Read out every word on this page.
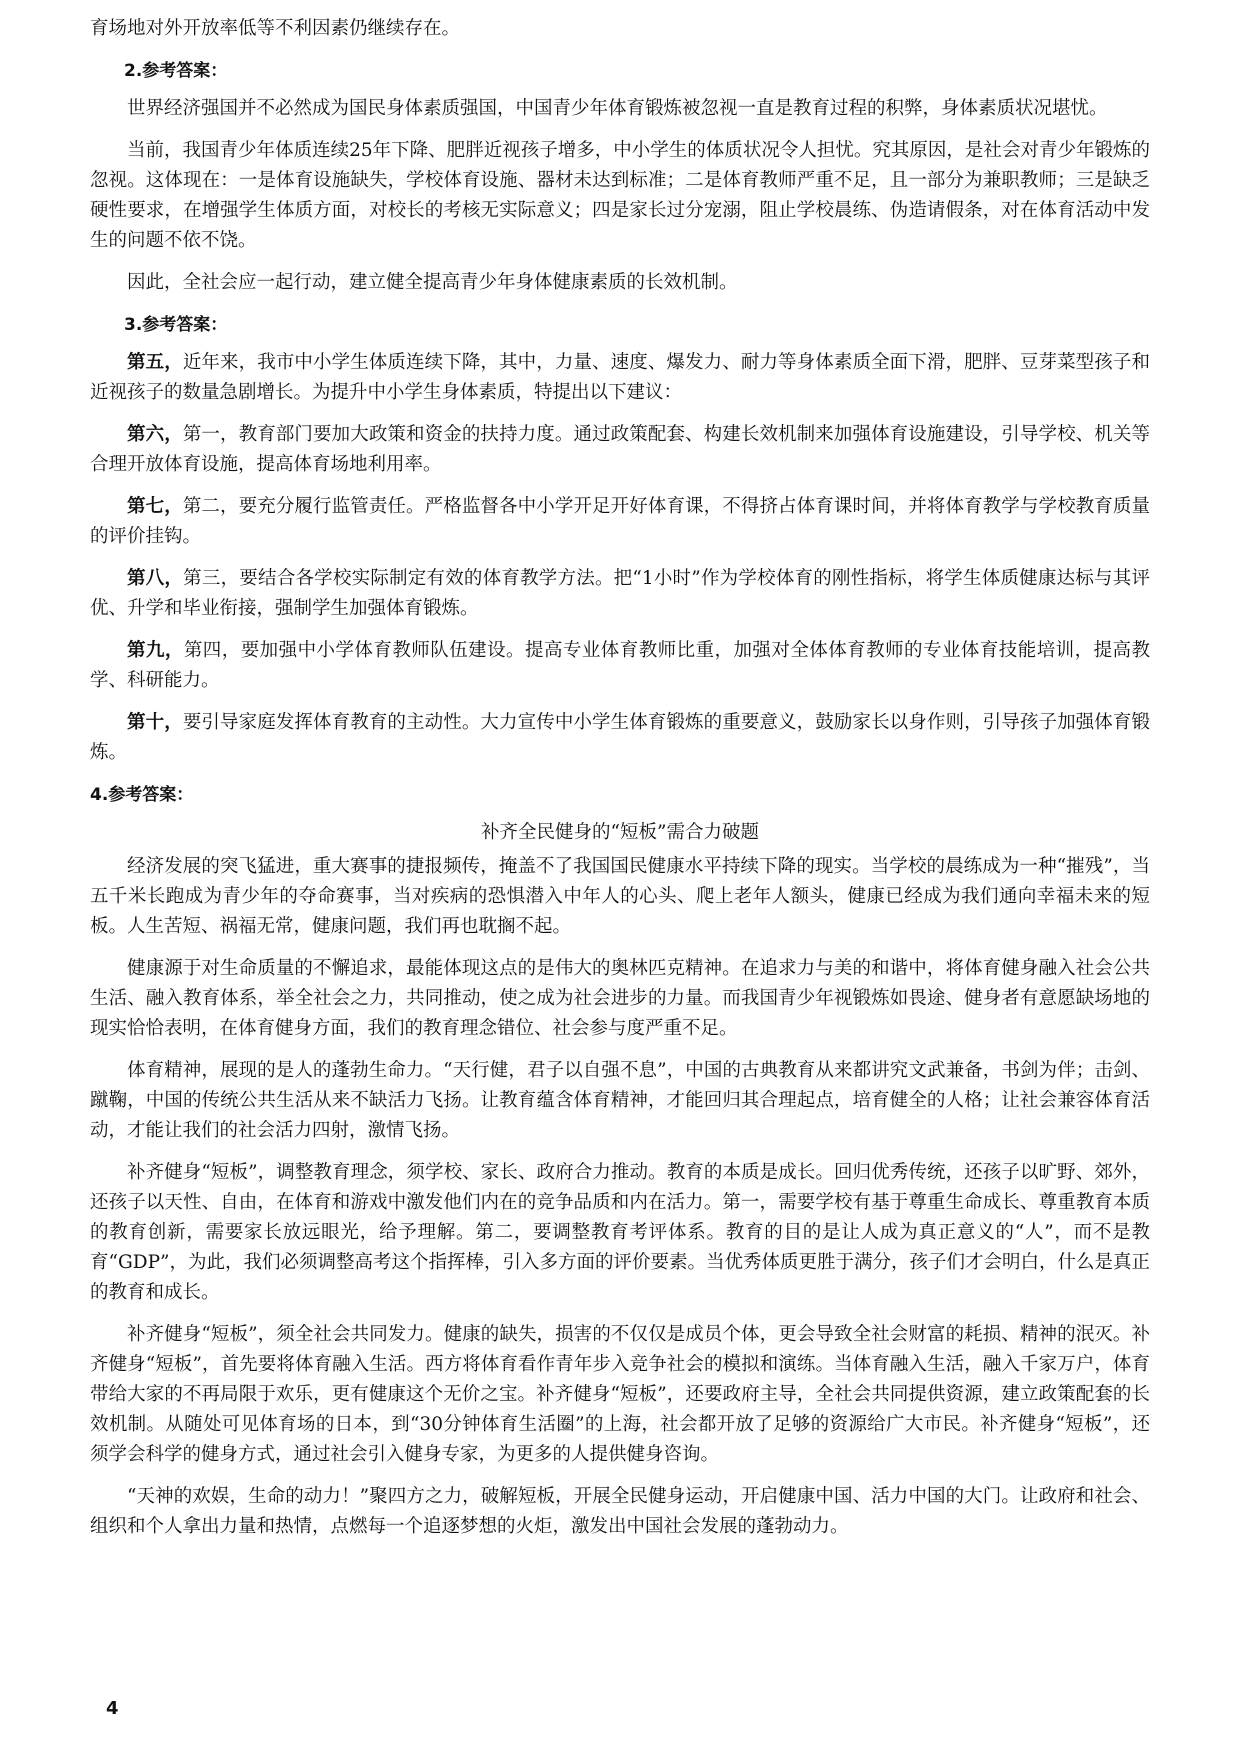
育场地对外开放率低等不利因素仍继续存在。

2.参考答案：

世界经济强国并不必然成为国民身体素质强国，中国青少年体育锻炼被忽视一直是教育过程的积弊，身体素质状况堪忧。

当前，我国青少年体质连续25年下降、肥胖近视孩子增多，中小学生的体质状况令人担忧。究其原因，是社会对青少年锻炼的忽视。这体现在：一是体育设施缺失，学校体育设施、器材未达到标准；二是体育教师严重不足，且一部分为兼职教师；三是缺乏硬性要求，在增强学生体质方面，对校长的考核无实际意义；四是家长过分宠溺，阻止学校晨练、伪造请假条，对在体育活动中发生的问题不依不饶。

因此，全社会应一起行动，建立健全提高青少年身体健康素质的长效机制。

3.参考答案：

第五，近年来，我市中小学生体质连续下降，其中，力量、速度、爆发力、耐力等身体素质全面下滑，肥胖、豆芽菜型孩子和近视孩子的数量急剧增长。为提升中小学生身体素质，特提出以下建议：

第六，第一，教育部门要加大政策和资金的扶持力度。通过政策配套、构建长效机制来加强体育设施建设，引导学校、机关等合理开放体育设施，提高体育场地利用率。

第七，第二，要充分履行监管责任。严格监督各中小学开足开好体育课，不得挤占体育课时间，并将体育教学与学校教育质量的评价挂钩。

第八，第三，要结合各学校实际制定有效的体育教学方法。把“1小时”作为学校体育的刚性指标，将学生体质健康达标与其评优、升学和毕业衔接，强制学生加强体育锻炼。

第九，第四，要加强中小学体育教师队伍建设。提高专业体育教师比重，加强对全体体育教师的专业体育技能培训，提高教学、科研能力。

第十，要引导家庭发挥体育教育的主动性。大力宣传中小学生体育锻炼的重要意义，鼓励家长以身作则，引导孩子加强体育锻炼。

4.参考答案：

补齐全民健身的“短板”需合力破题

经济发展的突飞猛进，重大赛事的捷报频传，掩盖不了我国国民健康水平持续下降的现实。当学校的晨练成为一种“摧残”，当五千米长跑成为青少年的夺命赛事，当对疾病的恐惧潜入中年人的心头、爬上老年人额头，健康已经成为我们通向幸福未来的短板。人生苦短、祸福无常，健康问题，我们再也耽搁不起。

健康源于对生命质量的不懈追求，最能体现这点的是伟大的奥林匹克精神。在追求力与美的和谐中，将体育健身融入社会公共生活、融入教育体系，举全社会之力，共同推动，使之成为社会进步的力量。而我国青少年视锻炼如畏途、健身者有意愿缺场地的现实恰恰表明，在体育健身方面，我们的教育理念错位、社会参与度严重不足。

体育精神，展现的是人的蓬勃生命力。“天行健，君子以自强不息”，中国的古典教育从来都讲究文武兼备，书剑为伴；击剑、蹴鞠，中国的传统公共生活从来不缺活力飞扬。让教育蕴含体育精神，才能回归其合理起点，培育健全的人格；让社会兼容体育活动，才能让我们的社会活力四射，激情飞扬。

补齐健身“短板”，调整教育理念，须学校、家长、政府合力推动。教育的本质是成长。回归优秀传统，还孩子以旷野、郊外，还孩子以天性、自由，在体育和游戏中激发他们内在的竞争品质和内在活力。第一，需要学校有基于尊重生命成长、尊重教育本质的教育创新，需要家长放远眼光，给予理解。第二，要调整教育考评体系。教育的目的是让人成为真正意义的“人”，而不是教育“GDP”，为此，我们必须调整高考这个指挥棒，引入多方面的评价要素。当优秀体质更胜于满分，孩子们才会明白，什么是真正的教育和成长。

补齐健身“短板”，须全社会共同发力。健康的缺失，损害的不仅仅是成员个体，更会导致全社会财富的耗损、精神的泯灭。补齐健身“短板”，首先要将体育融入生活。西方将体育看作青年步入竞争社会的模拟和演练。当体育融入生活，融入千家万户，体育带给大家的不再局限于欢乐，更有健康这个无价之宝。补齐健身“短板”，还要政府主导，全社会共同提供资源，建立政策配套的长效机制。从随处可见体育场的日本，到“30分钟体育生活圈”的上海，社会都开放了足够的资源给广大市民。补齐健身“短板”，还须学会科学的健身方式，通过社会引入健身专家，为更多的人提供健身咨询。

“天神的欢娱，生命的动力！”聚四方之力，破解短板，开展全民健身运动，开启健康中国、活力中国的大门。让政府和社会、组织和个人拿出力量和热情，点燃每一个追逐梦想的火炬，激发出中国社会发展的蓬勃动力。

4
